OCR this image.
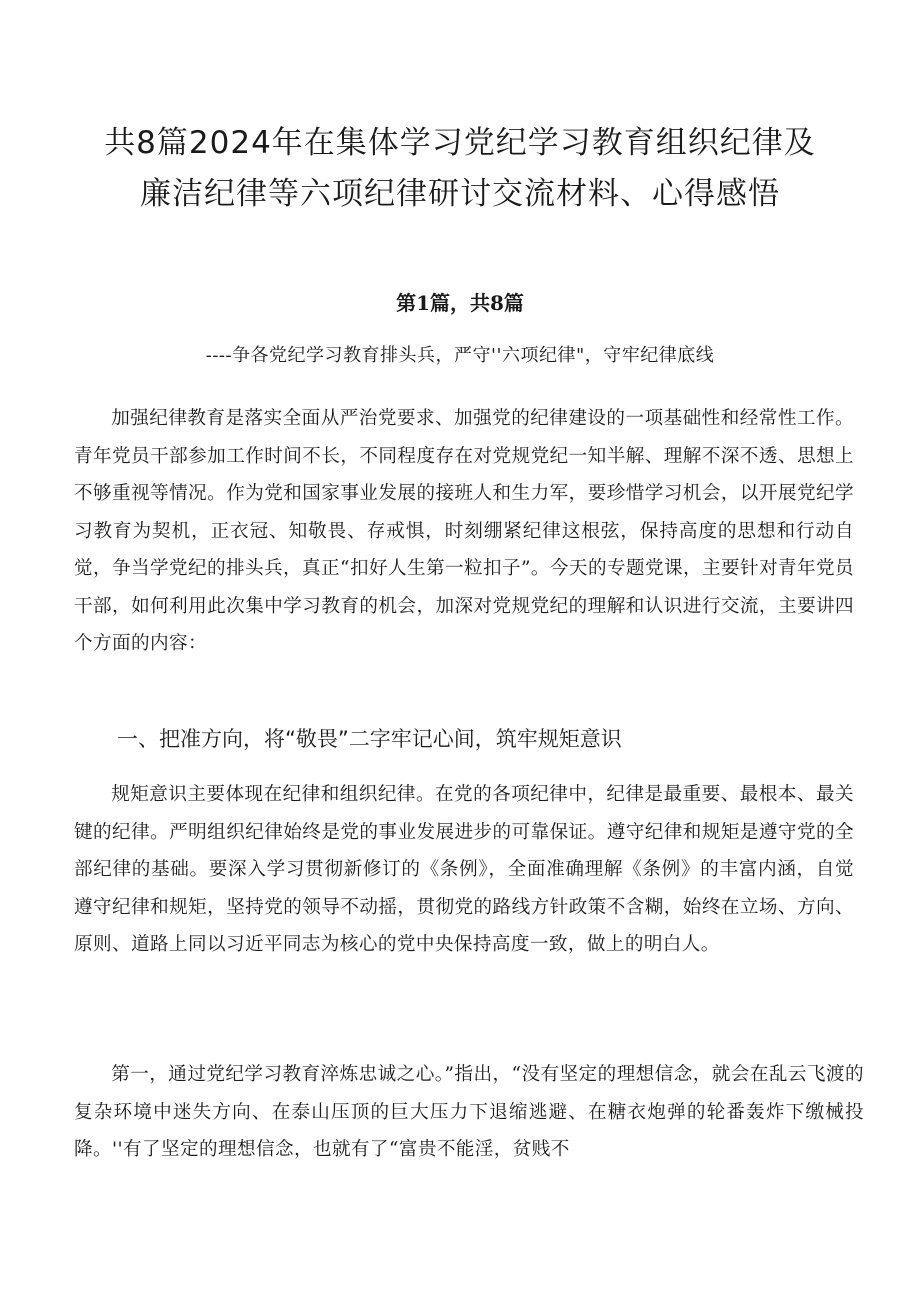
共8篇2024年在集体学习党纪学习教育组织纪律及
廉洁纪律等六项纪律研讨交流材料、心得感悟
第1篇，共8篇
----争各党纪学习教育排头兵，严守''六项纪律"，守牢纪律底线

加强纪律教育是落实全面从严治党要求、加强党的纪律建设的一项基础性和经常性工作。青年党员干部参加工作时间不长，不同程度存在对党规党纪一知半解、理解不深不透、思想上不够重视等情况。作为党和国家事业发展的接班人和生力军，要珍惜学习机会，以开展党纪学习教育为契机，正衣冠、知敬畏、存戒惧，时刻绷紧纪律这根弦，保持高度的思想和行动自觉，争当学党纪的排头兵，真正“扣好人生第一粒扣子”。今天的专题党课，主要针对青年党员干部，如何利用此次集中学习教育的机会，加深对党规党纪的理解和认识进行交流，主要讲四个方面的内容：

一、把准方向，将“敬畏”二字牢记心间，筑牢规矩意识

规矩意识主要体现在纪律和组织纪律。在党的各项纪律中，纪律是最重要、最根本、最关键的纪律。严明组织纪律始终是党的事业发展进步的可靠保证。遵守纪律和规矩是遵守党的全部纪律的基础。要深入学习贯彻新修订的《条例》，全面准确理解《条例》的丰富内涵，自觉遵守纪律和规矩，坚持党的领导不动摇，贯彻党的路线方针政策不含糊，始终在立场、方向、原则、道路上同以习近平同志为核心的党中央保持高度一致，做上的明白人。

第一，通过党纪学习教育淬炼忠诚之心。”指出，“没有坚定的理想信念，就会在乱云飞渡的复杂环境中迷失方向、在泰山压顶的巨大压力下退缩逃避、在糖衣炮弹的轮番轰炸下缴械投降。''有了坚定的理想信念，也就有了“富贵不能淫，贫贱不
